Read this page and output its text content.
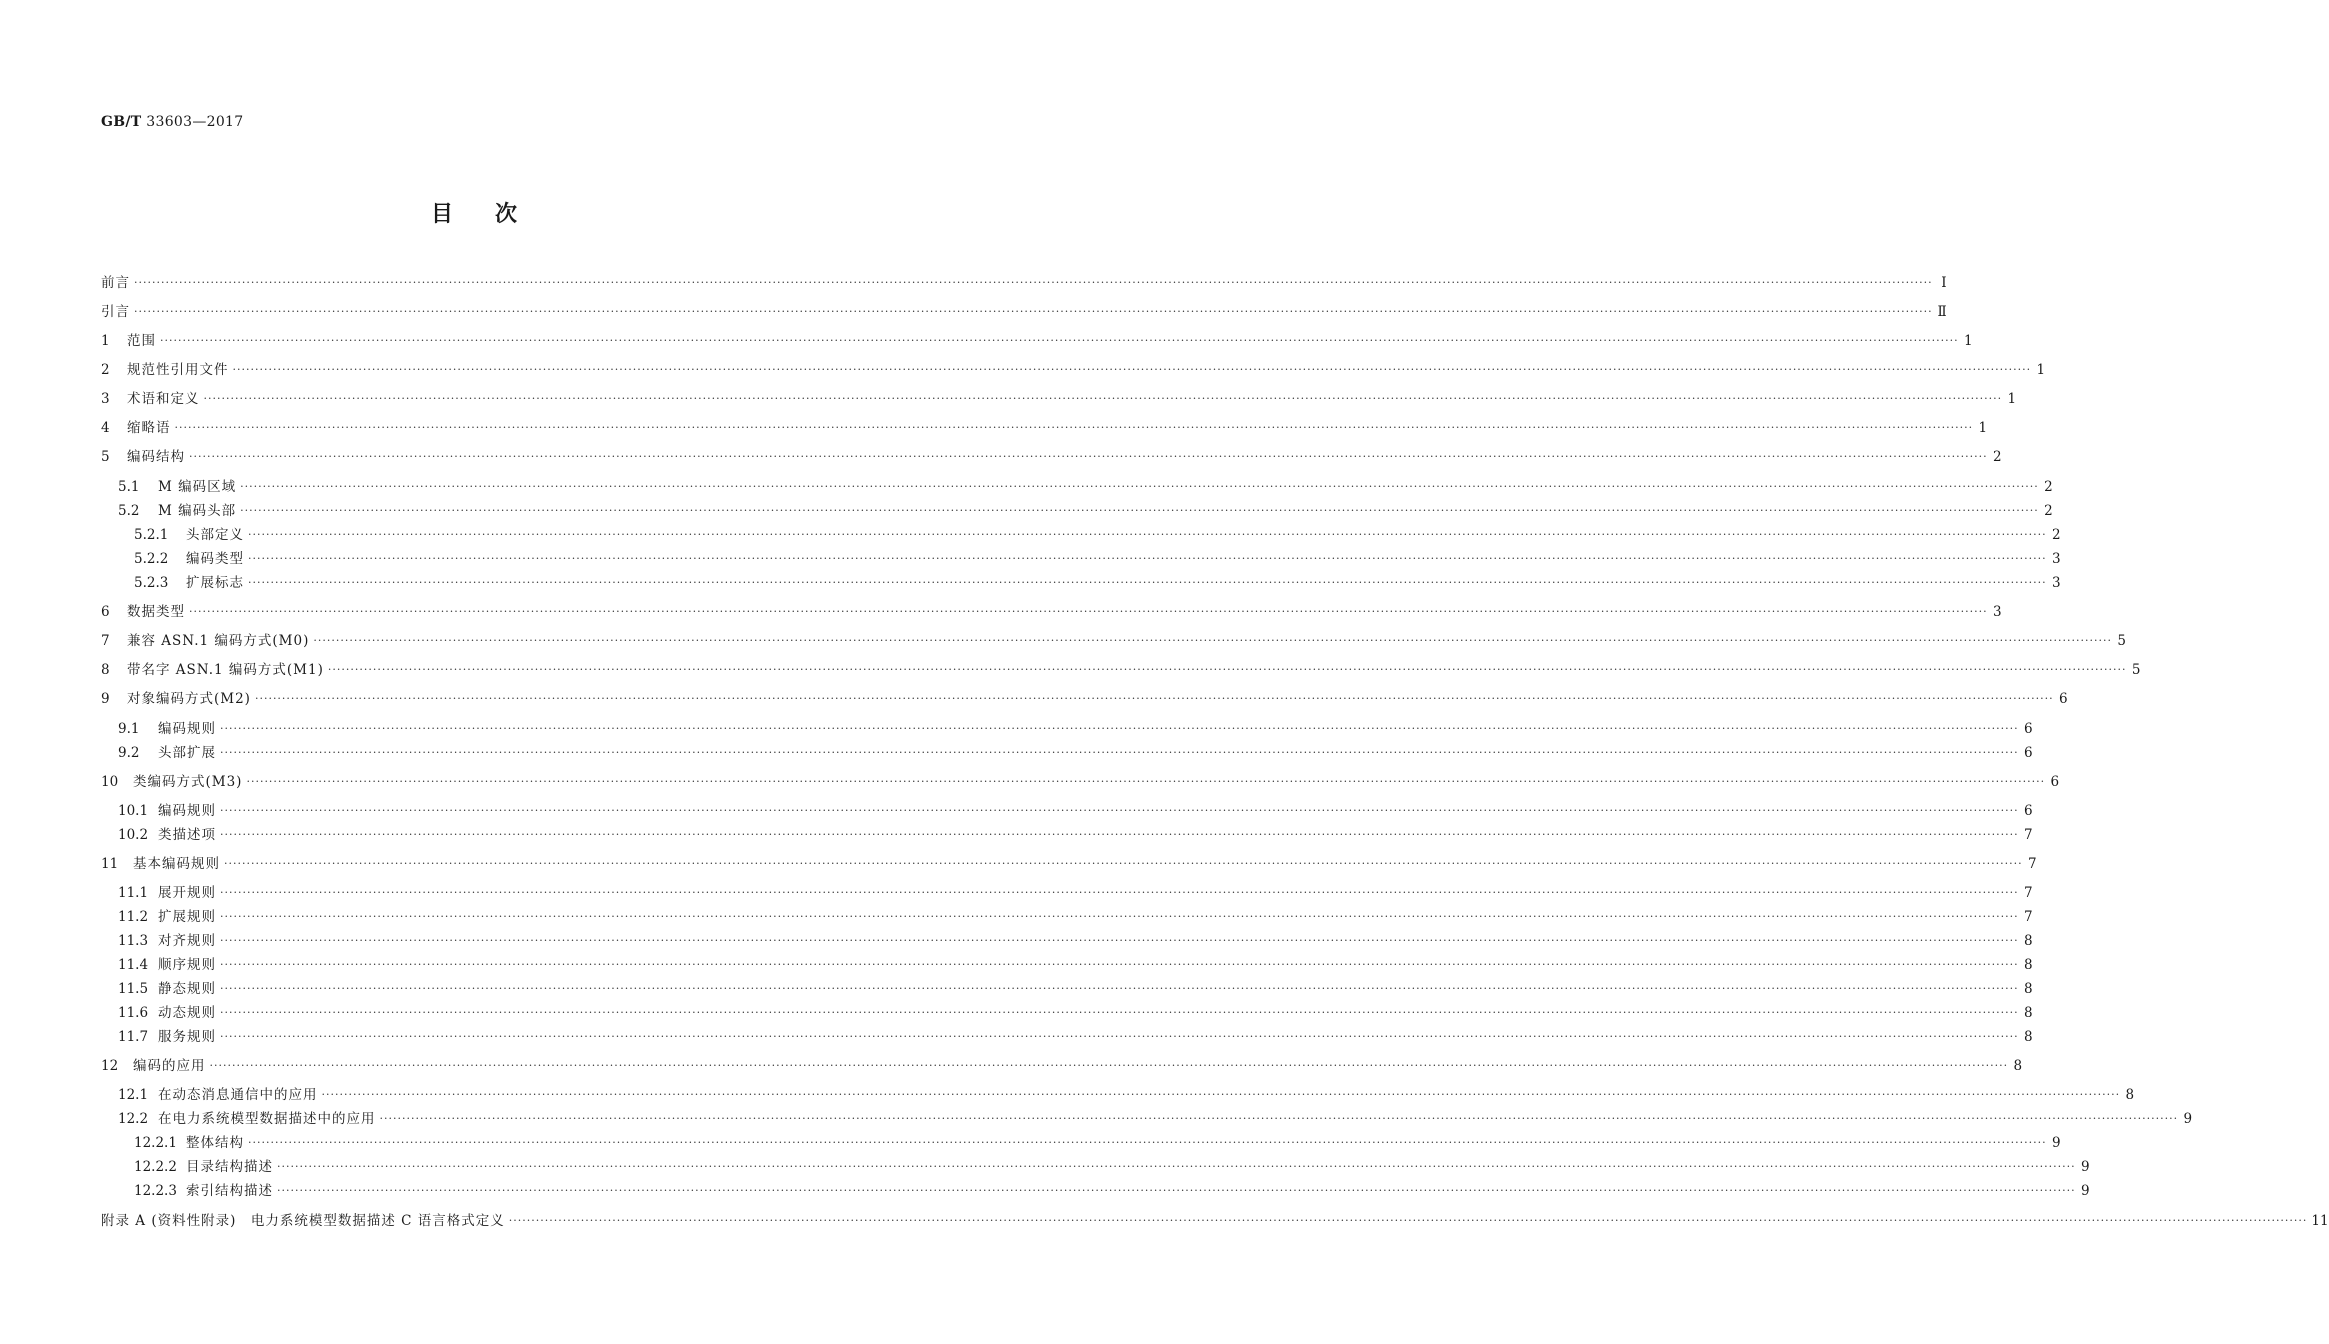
GB/T 33603—2017
目 次
前言 ················································································································································································································································································································································································································ Ⅰ
引言 ················································································································································································································································································································································································································ Ⅱ
1	范围 ················································································································································································································································································································································································································ 1
2	规范性引用文件 ················································································································································································································································································································································································································ 1
3	术语和定义 ················································································································································································································································································································································································································ 1
4	缩略语 ················································································································································································································································································································································································································ 1
5	编码结构 ················································································································································································································································································································································································································ 2
5.1	M 编码区域 ················································································································································································································································································································································································································ 2
5.2	M 编码头部 ················································································································································································································································································································································································································ 2
5.2.1	头部定义 ················································································································································································································································································································································································································ 2
5.2.2	编码类型 ················································································································································································································································································································································································································ 3
5.2.3	扩展标志 ················································································································································································································································································································································································································ 3
6	数据类型 ················································································································································································································································································································································································································ 3
7	兼容 ASN.1 编码方式(M0) ················································································································································································································································································································································································································ 5
8	带名字 ASN.1 编码方式(M1) ················································································································································································································································································································································································································ 5
9	对象编码方式(M2) ················································································································································································································································································································································································································ 6
9.1	编码规则 ················································································································································································································································································································································································································ 6
9.2	头部扩展 ················································································································································································································································································································································································································ 6
10	类编码方式(M3) ················································································································································································································································································································································································································ 6
10.1 编码规则 ················································································································································································································································································································································································································ 6
10.2 类描述项 ················································································································································································································································································································································································································ 7
11	基本编码规则 ················································································································································································································································································································································································································ 7
11.1 展开规则 ················································································································································································································································································································································································································ 7
11.2 扩展规则 ················································································································································································································································································································································································································ 7
11.3 对齐规则 ················································································································································································································································································································································································································ 8
11.4 顺序规则 ················································································································································································································································································································································································································ 8
11.5 静态规则 ················································································································································································································································································································································································································ 8
11.6 动态规则 ················································································································································································································································································································································································································ 8
11.7 服务规则 ················································································································································································································································································································································································································ 8
12	编码的应用 ················································································································································································································································································································································································································ 8
12.1 在动态消息通信中的应用 ················································································································································································································································································································································································································ 8
12.2 在电力系统模型数据描述中的应用 ················································································································································································································································································································································································································ 9
12.2.1 整体结构 ················································································································································································································································································································································································································ 9
12.2.2 目录结构描述 ················································································································································································································································································································································································································ 9
12.2.3 索引结构描述 ················································································································································································································································································································································································································ 9
附录 A (资料性附录)　电力系统模型数据描述 C 语言格式定义 ················································································································································································································································································································································································································ 11
